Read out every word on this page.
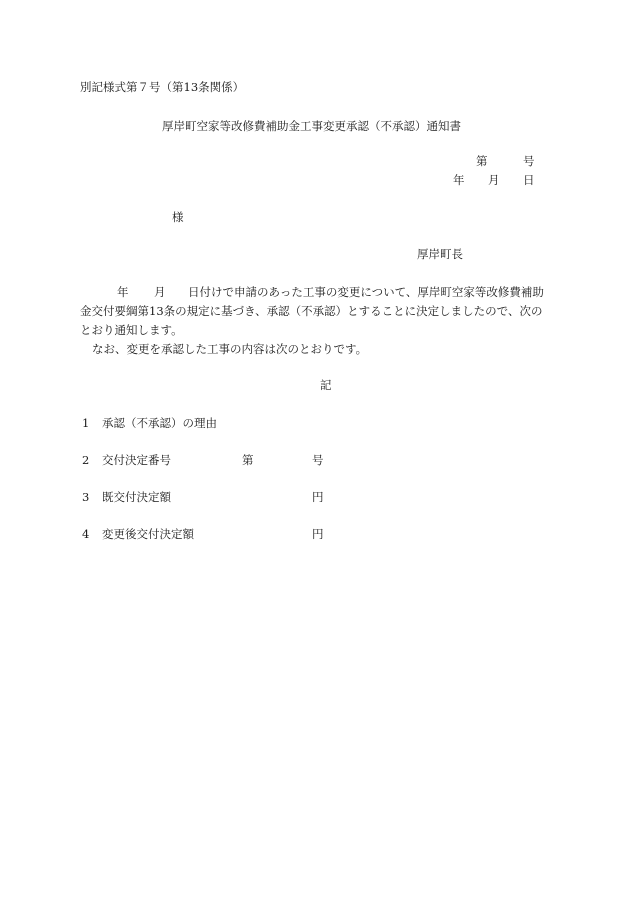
別記様式第７号（第13条関係）
厚岸町空家等改修費補助金工事変更承認（不承認）通知書
第	号
年 月 日
様
厚岸町長
年 月 日付けで申請のあった工事の変更について、厚岸町空家等改修費補助
金交付要綱第13条の規定に基づき、承認（不承認）とすることに決定しましたので、次の
とおり通知します。
なお、変更を承認した工事の内容は次のとおりです。
記
1 承認（不承認）の理由
2 交付決定番号	第	号
3 既交付決定額	円
4 変更後交付決定額	円
